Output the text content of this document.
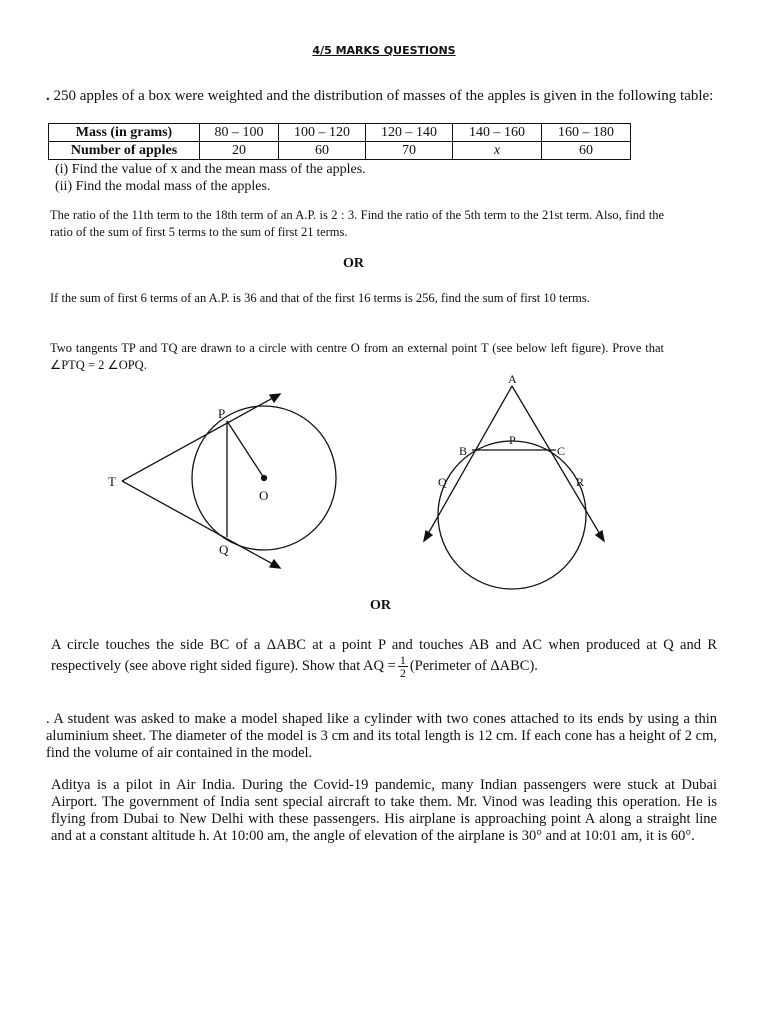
4/5 MARKS QUESTIONS
. 250 apples of a box were weighted and the distribution of masses of the apples is given in the following table:
Mass (in grams)	80 – 100	100 – 120	120 – 140	140 – 160	160 – 180
Number of apples	20	60	70	x	60
(i) Find the value of x and the mean mass of the apples.
(ii) Find the modal mass of the apples.
The ratio of the 11th term to the 18th term of an A.P. is 2 : 3. Find the ratio of the 5th term to the 21st term. Also, find the ratio of the sum of first 5 terms to the sum of first 21 terms.
OR
If the sum of first 6 terms of an A.P. is 36 and that of the first 16 terms is 256, find the sum of first 10 terms.
Two tangents TP and TQ are drawn to a circle with centre O from an external point T (see below left figure). Prove that ∠PTQ = 2 ∠OPQ.
T
P
Q
O
A
B
P
C
Q	R
OR
A circle touches the side BC of a ΔABC at a point P and touches AB and AC when produced at Q and R respectively (see above right sided figure). Show that AQ = $\frac{1}{2}$ (Perimeter of ΔABC).
. A student was asked to make a model shaped like a cylinder with two cones attached to its ends by using a thin aluminium sheet. The diameter of the model is 3 cm and its total length is 12 cm. If each cone has a height of 2 cm, find the volume of air contained in the model.
Aditya is a pilot in Air India. During the Covid-19 pandemic, many Indian passengers were stuck at Dubai Airport. The government of India sent special aircraft to take them. Mr. Vinod was leading this operation. He is flying from Dubai to New Delhi with these passengers. His airplane is approaching point A along a straight line and at a constant altitude h. At 10:00 am, the angle of elevation of the airplane is 30° and at 10:01 am, it is 60°.
